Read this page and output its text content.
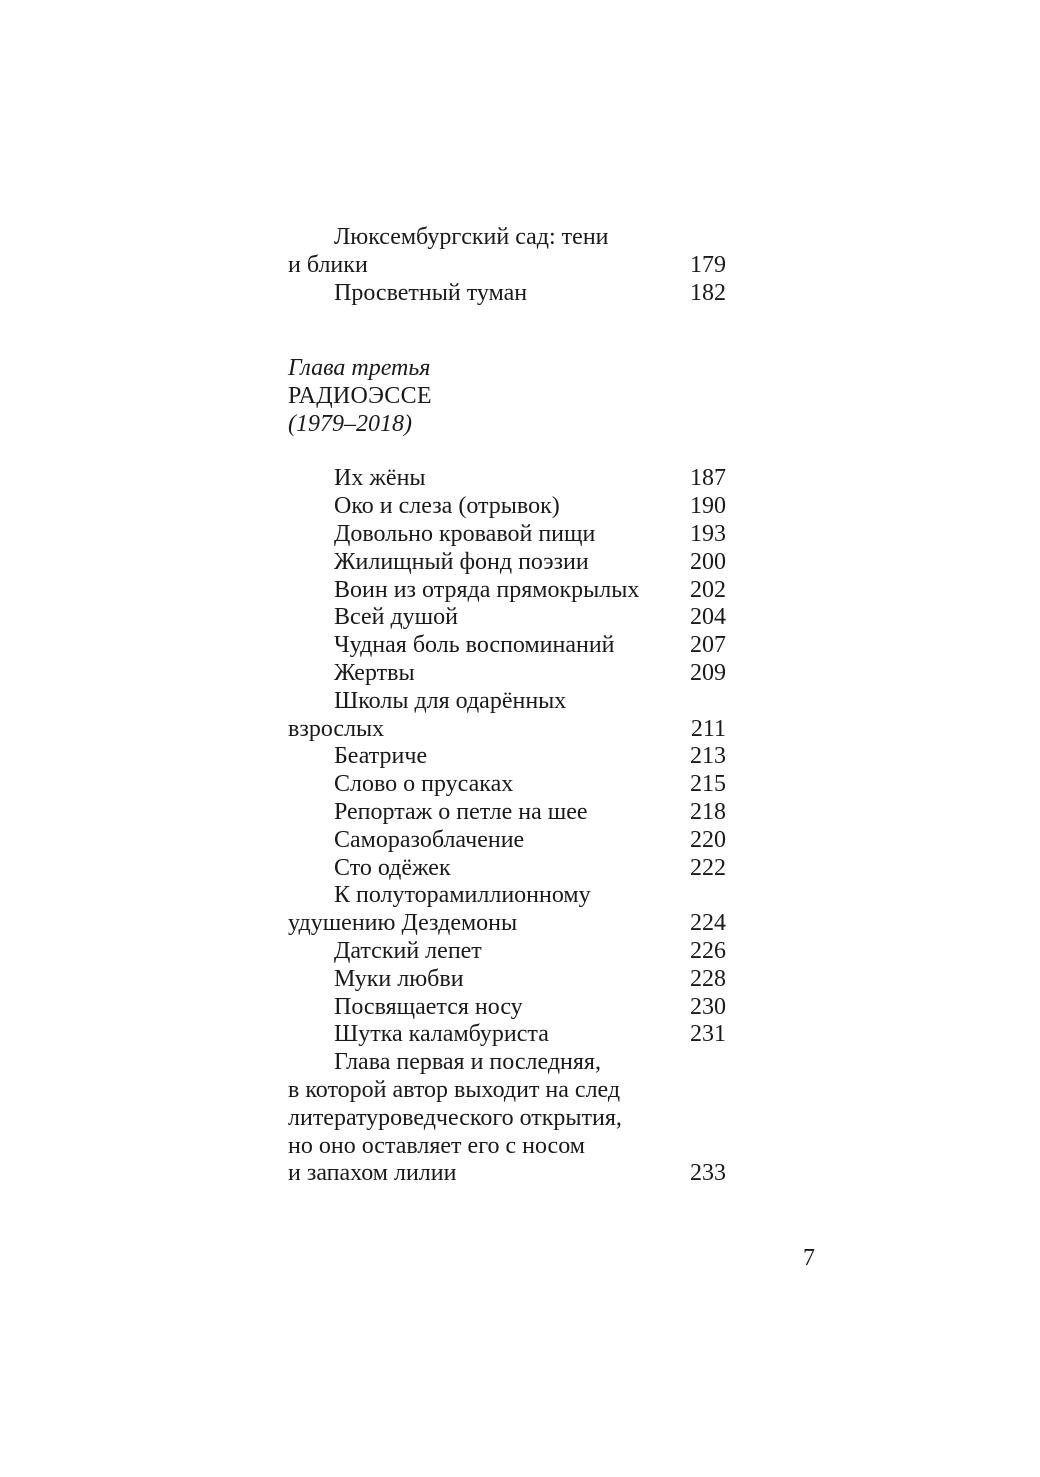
Люксембургский сад: тени
и блики	179
Просветный туман	182
Глава третья
РАДИОЭССЕ
(1979–2018)
Их жёны	187
Око и слеза (отрывок)	190
Довольно кровавой пищи	193
Жилищный фонд поэзии	200
Воин из отряда прямокрылых	202
Всей душой	204
Чудная боль воспоминаний	207
Жертвы	209
Школы для одарённых
взрослых	211
Беатриче	213
Слово о прусаках	215
Репортаж о петле на шее	218
Саморазоблачение	220
Сто одёжек	222
К полуторамиллионному
удушению Дездемоны	224
Датский лепет	226
Муки любви	228
Посвящается носу	230
Шутка каламбуриста	231
Глава первая и последняя,
в которой автор выходит на след
литературоведческого открытия,
но оно оставляет его с носом
и запахом лилии	233
7
